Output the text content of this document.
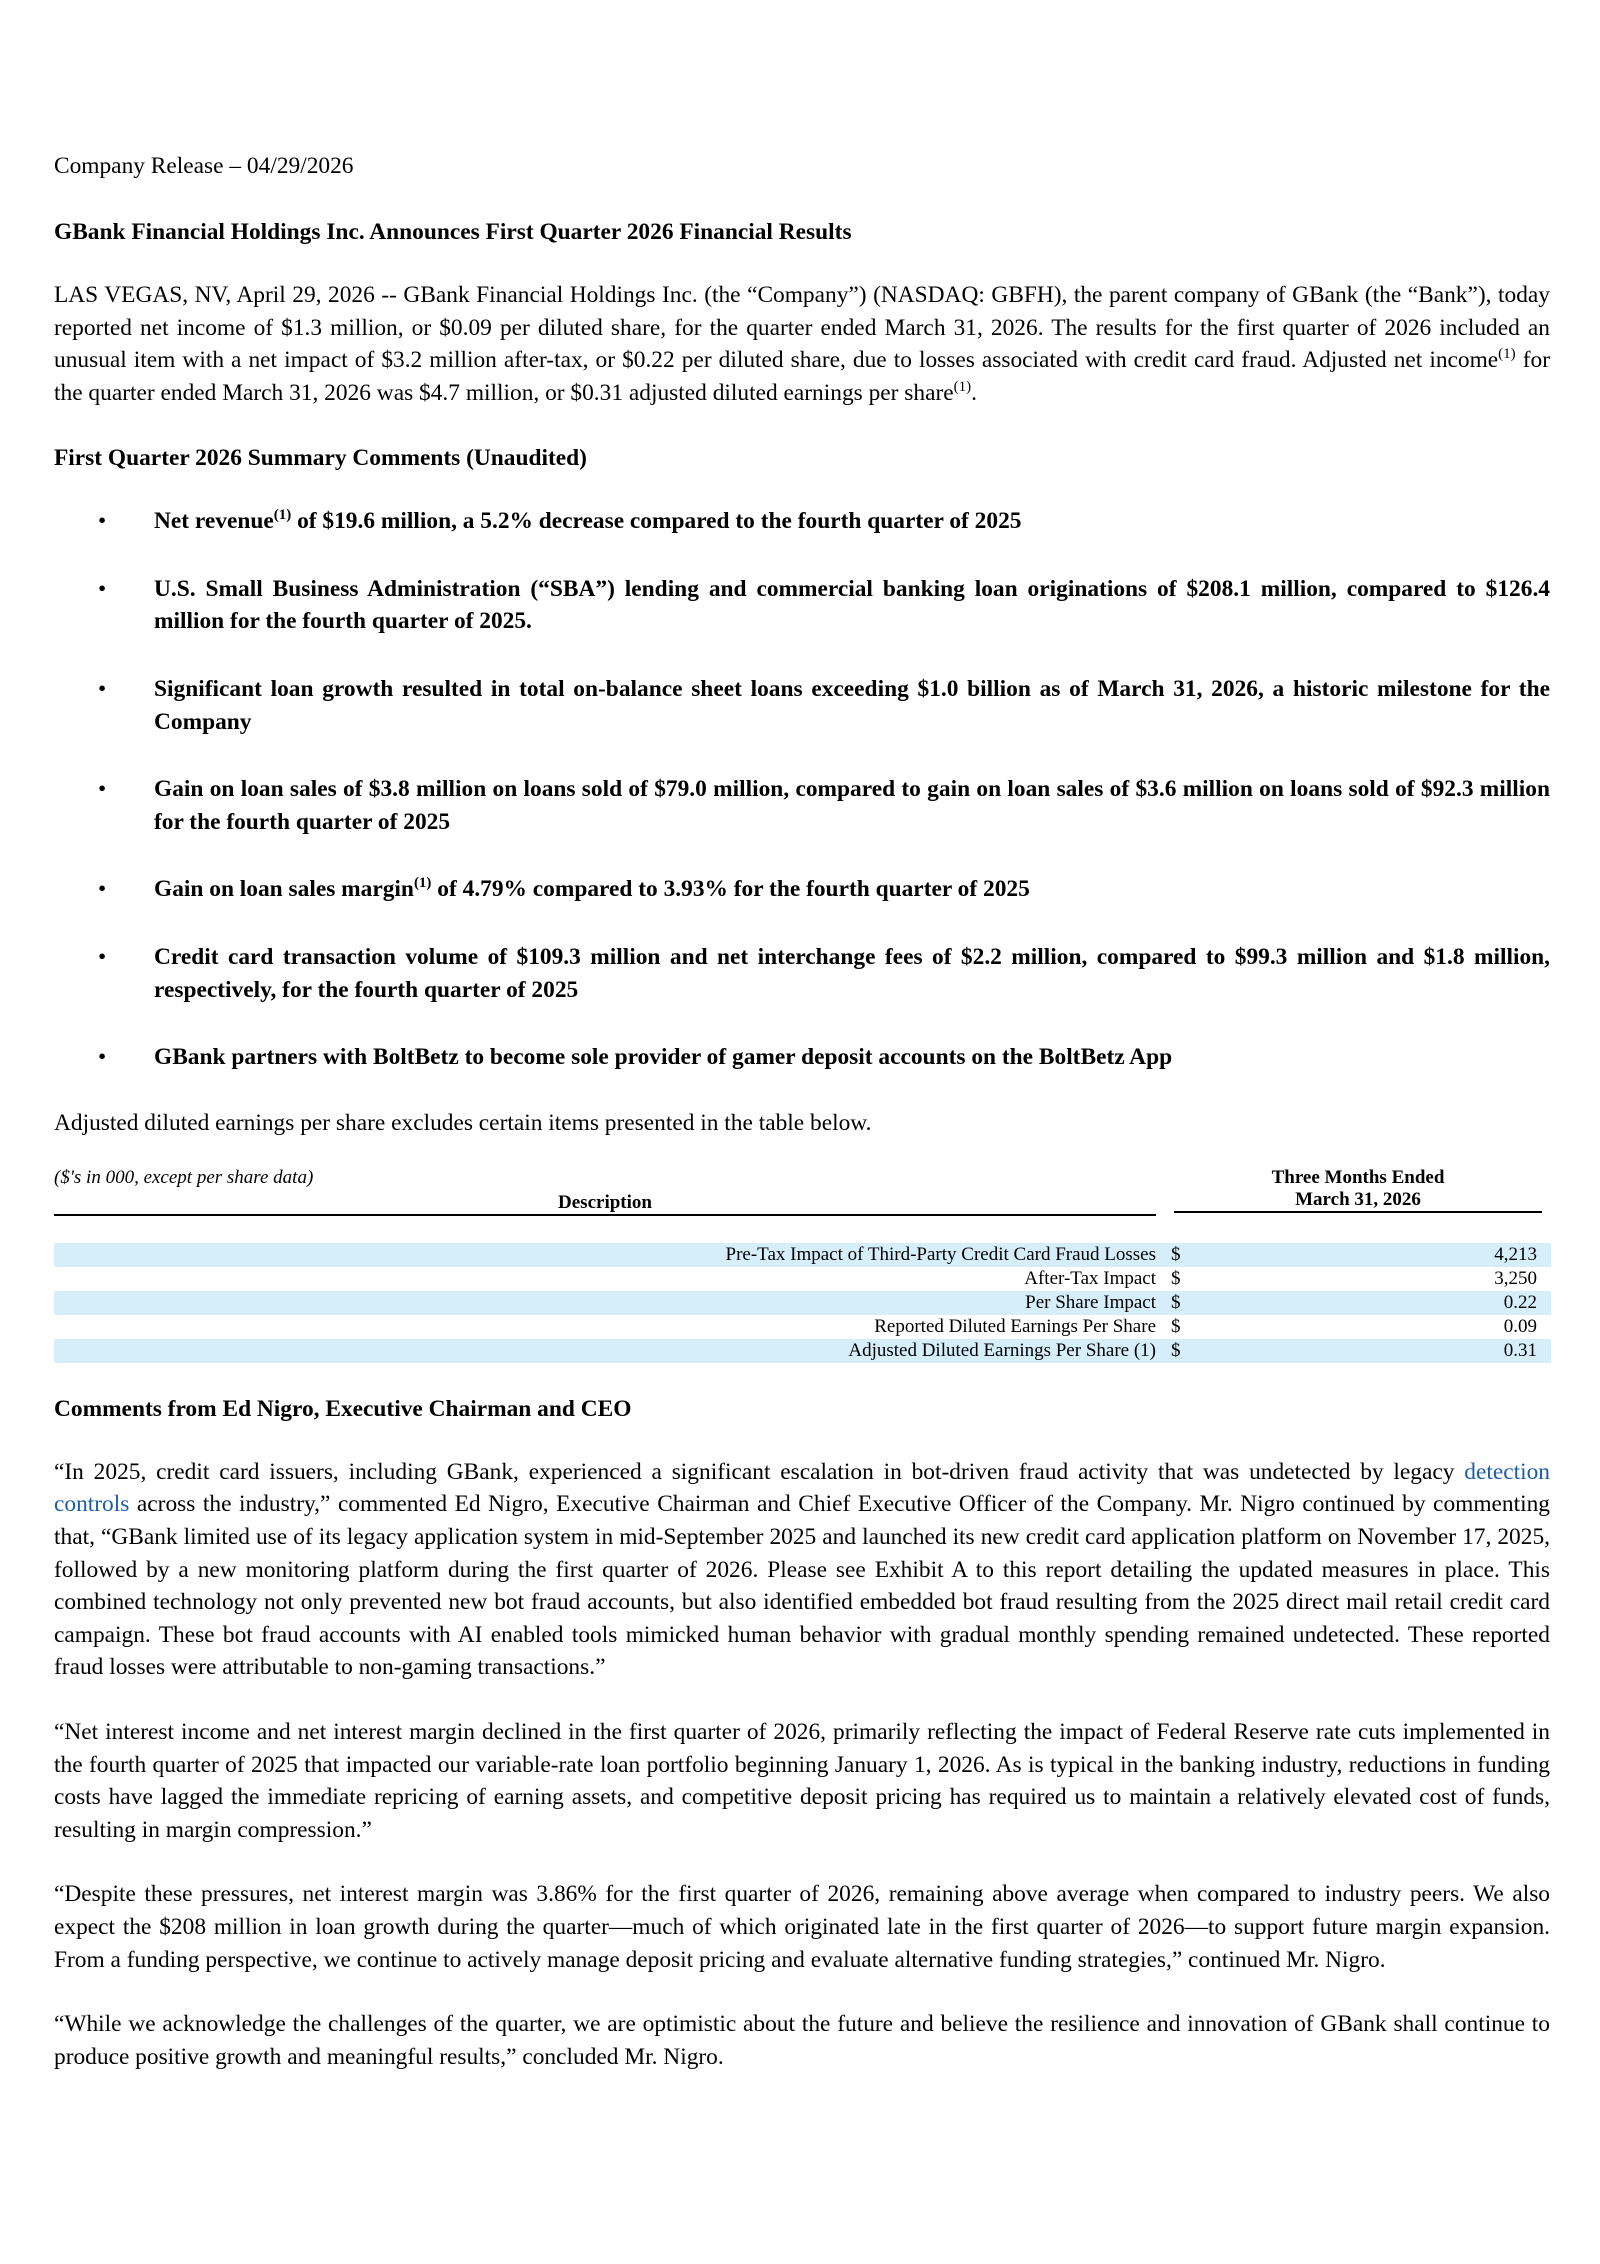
Company Release – 04/29/2026

GBank Financial Holdings Inc. Announces First Quarter 2026 Financial Results

LAS VEGAS, NV, April 29, 2026 -- GBank Financial Holdings Inc. (the “Company”) (NASDAQ: GBFH), the parent company of GBank (the “Bank”), today reported net income of $1.3 million, or $0.09 per diluted share, for the quarter ended March 31, 2026. The results for the first quarter of 2026 included an unusual item with a net impact of $3.2 million after-tax, or $0.22 per diluted share, due to losses associated with credit card fraud. Adjusted net income$^{(1)}$ for the quarter ended March 31, 2026 was $4.7 million, or $0.31 adjusted diluted earnings per share$^{(1)}$.

First Quarter 2026 Summary Comments (Unaudited)

• Net revenue$^{(1)}$ of $19.6 million, a 5.2% decrease compared to the fourth quarter of 2025
• U.S. Small Business Administration (“SBA”) lending and commercial banking loan originations of $208.1 million, compared to $126.4 million for the fourth quarter of 2025.
• Significant loan growth resulted in total on-balance sheet loans exceeding $1.0 billion as of March 31, 2026, a historic milestone for the Company
• Gain on loan sales of $3.8 million on loans sold of $79.0 million, compared to gain on loan sales of $3.6 million on loans sold of $92.3 million for the fourth quarter of 2025
• Gain on loan sales margin$^{(1)}$ of 4.79% compared to 3.93% for the fourth quarter of 2025
• Credit card transaction volume of $109.3 million and net interchange fees of $2.2 million, compared to $99.3 million and $1.8 million, respectively, for the fourth quarter of 2025
• GBank partners with BoltBetz to become sole provider of gamer deposit accounts on the BoltBetz App

Adjusted diluted earnings per share excludes certain items presented in the table below.

($'s in 000, except per share data)
Description
Three Months Ended
March 31, 2026
Pre-Tax Impact of Third-Party Credit Card Fraud Losses $	4,213
After-Tax Impact $	3,250
Per Share Impact $	0.22
Reported Diluted Earnings Per Share $	0.09
Adjusted Diluted Earnings Per Share (1) $	0.31

Comments from Ed Nigro, Executive Chairman and CEO

“In 2025, credit card issuers, including GBank, experienced a significant escalation in bot-driven fraud activity that was undetected by legacy detection controls across the industry,” commented Ed Nigro, Executive Chairman and Chief Executive Officer of the Company. Mr. Nigro continued by commenting that, “GBank limited use of its legacy application system in mid-September 2025 and launched its new credit card application platform on November 17, 2025, followed by a new monitoring platform during the first quarter of 2026. Please see Exhibit A to this report detailing the updated measures in place. This combined technology not only prevented new bot fraud accounts, but also identified embedded bot fraud resulting from the 2025 direct mail retail credit card campaign. These bot fraud accounts with AI enabled tools mimicked human behavior with gradual monthly spending remained undetected. These reported fraud losses were attributable to non-gaming transactions.”

“Net interest income and net interest margin declined in the first quarter of 2026, primarily reflecting the impact of Federal Reserve rate cuts implemented in the fourth quarter of 2025 that impacted our variable-rate loan portfolio beginning January 1, 2026. As is typical in the banking industry, reductions in funding costs have lagged the immediate repricing of earning assets, and competitive deposit pricing has required us to maintain a relatively elevated cost of funds, resulting in margin compression.”

“Despite these pressures, net interest margin was 3.86% for the first quarter of 2026, remaining above average when compared to industry peers. We also expect the $208 million in loan growth during the quarter—much of which originated late in the first quarter of 2026—to support future margin expansion. From a funding perspective, we continue to actively manage deposit pricing and evaluate alternative funding strategies,” continued Mr. Nigro.

“While we acknowledge the challenges of the quarter, we are optimistic about the future and believe the resilience and innovation of GBank shall continue to produce positive growth and meaningful results,” concluded Mr. Nigro.
